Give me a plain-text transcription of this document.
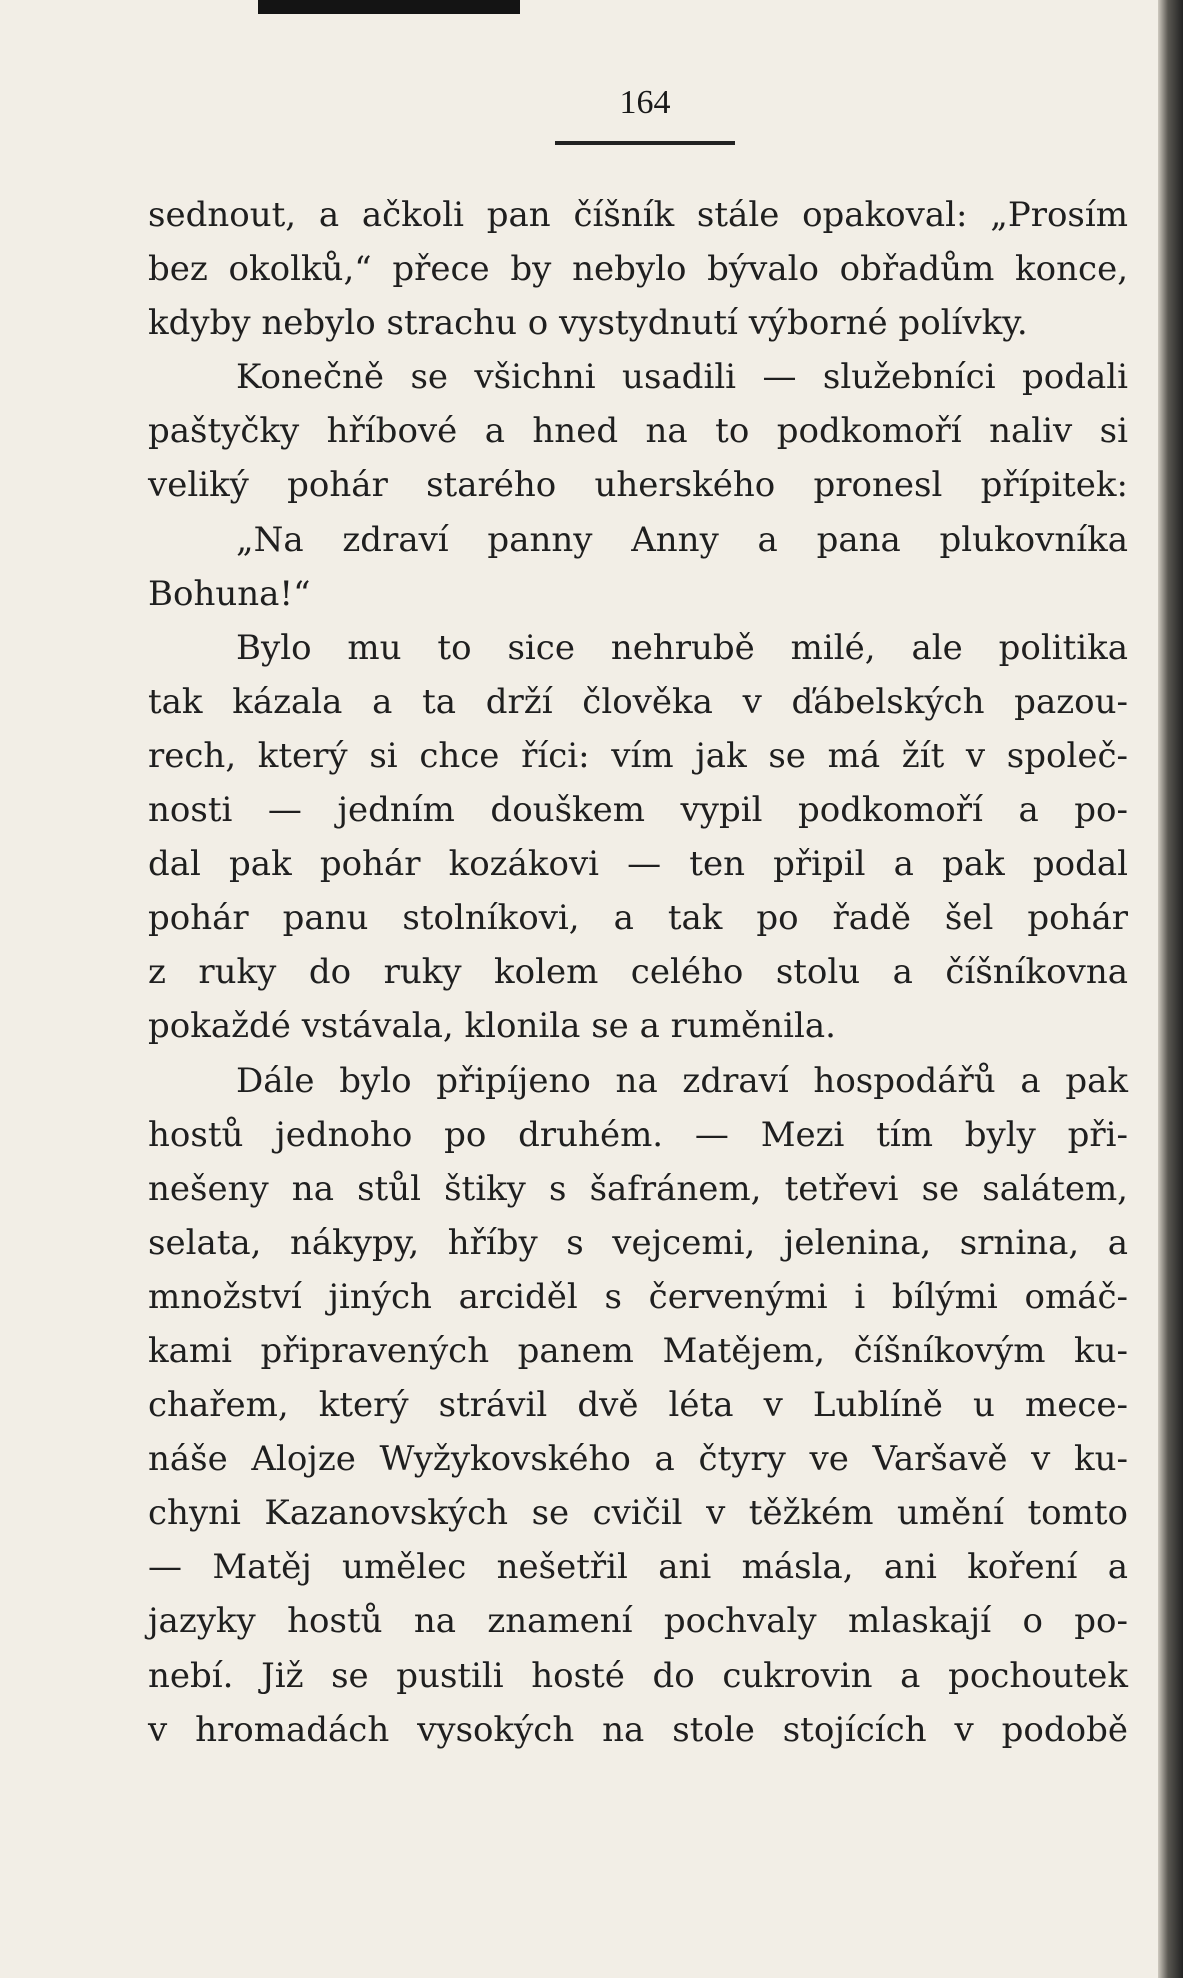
164
sednout, a ačkoli pan číšník stále opakoval: „Prosím
bez okolků,“ přece by nebylo bývalo obřadům konce,
kdyby nebylo strachu o vystydnutí výborné polívky.
Konečně se všichni usadili — služebníci podali
paštyčky hříbové a hned na to podkomoří naliv si
veliký pohár starého uherského pronesl přípitek:
„Na zdraví panny Anny a pana plukovníka
Bohuna!“
Bylo mu to sice nehrubě milé, ale politika
tak kázala a ta drží člověka v ďábelských pazou-
rech, který si chce říci: vím jak se má žít v společ-
nosti — jedním douškem vypil podkomoří a po-
dal pak pohár kozákovi — ten připil a pak podal
pohár panu stolníkovi, a tak po řadě šel pohár
z ruky do ruky kolem celého stolu a číšníkovna
pokaždé vstávala, klonila se a ruměnila.
Dále bylo připíjeno na zdraví hospodářů a pak
hostů jednoho po druhém. — Mezi tím byly při-
nešeny na stůl štiky s šafránem, tetřevi se salátem,
selata, nákypy, hříby s vejcemi, jelenina, srnina, a
množství jiných arciděl s červenými i bílými omáč-
kami připravených panem Matějem, číšníkovým ku-
chařem, který strávil dvě léta v Lublíně u mece-
náše Alojze Wyžykovského a čtyry ve Varšavě v ku-
chyni Kazanovských se cvičil v těžkém umění tomto
— Matěj umělec nešetřil ani másla, ani koření a
jazyky hostů na znamení pochvaly mlaskají o po-
nebí. Již se pustili hosté do cukrovin a pochoutek
v hromadách vysokých na stole stojících v podobě
